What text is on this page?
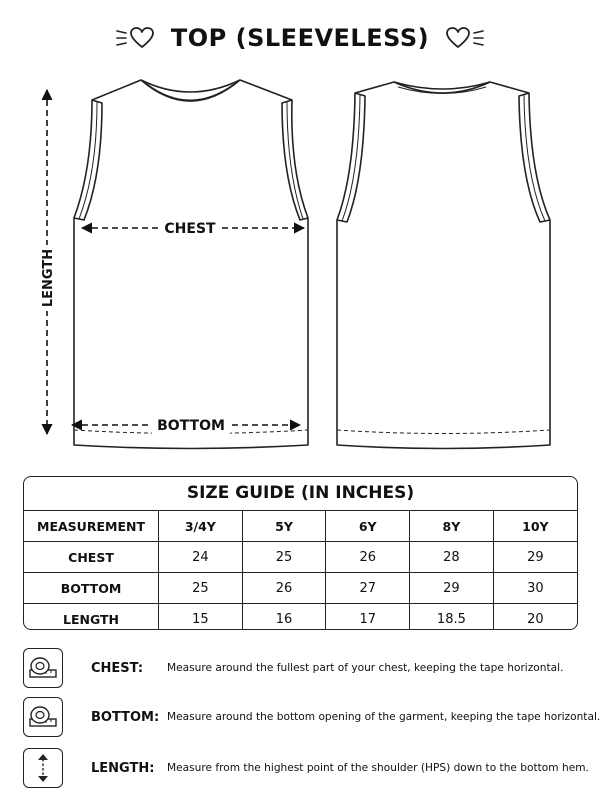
TOP (SLEEVELESS)
CHEST
BOTTOM
LENGTH
SIZE GUIDE (IN INCHES)
MEASUREMENT	3/4Y	5Y	6Y	8Y	10Y
CHEST	24	25	26	28	29
BOTTOM	25	26	27	29	30
LENGTH	15	16	17	18.5	20
CHEST:	Measure around the fullest part of your chest, keeping the tape horizontal.
BOTTOM: Measure around the bottom opening of the garment, keeping the tape horizontal.
LENGTH:	Measure from the highest point of the shoulder (HPS) down to the bottom hem.
